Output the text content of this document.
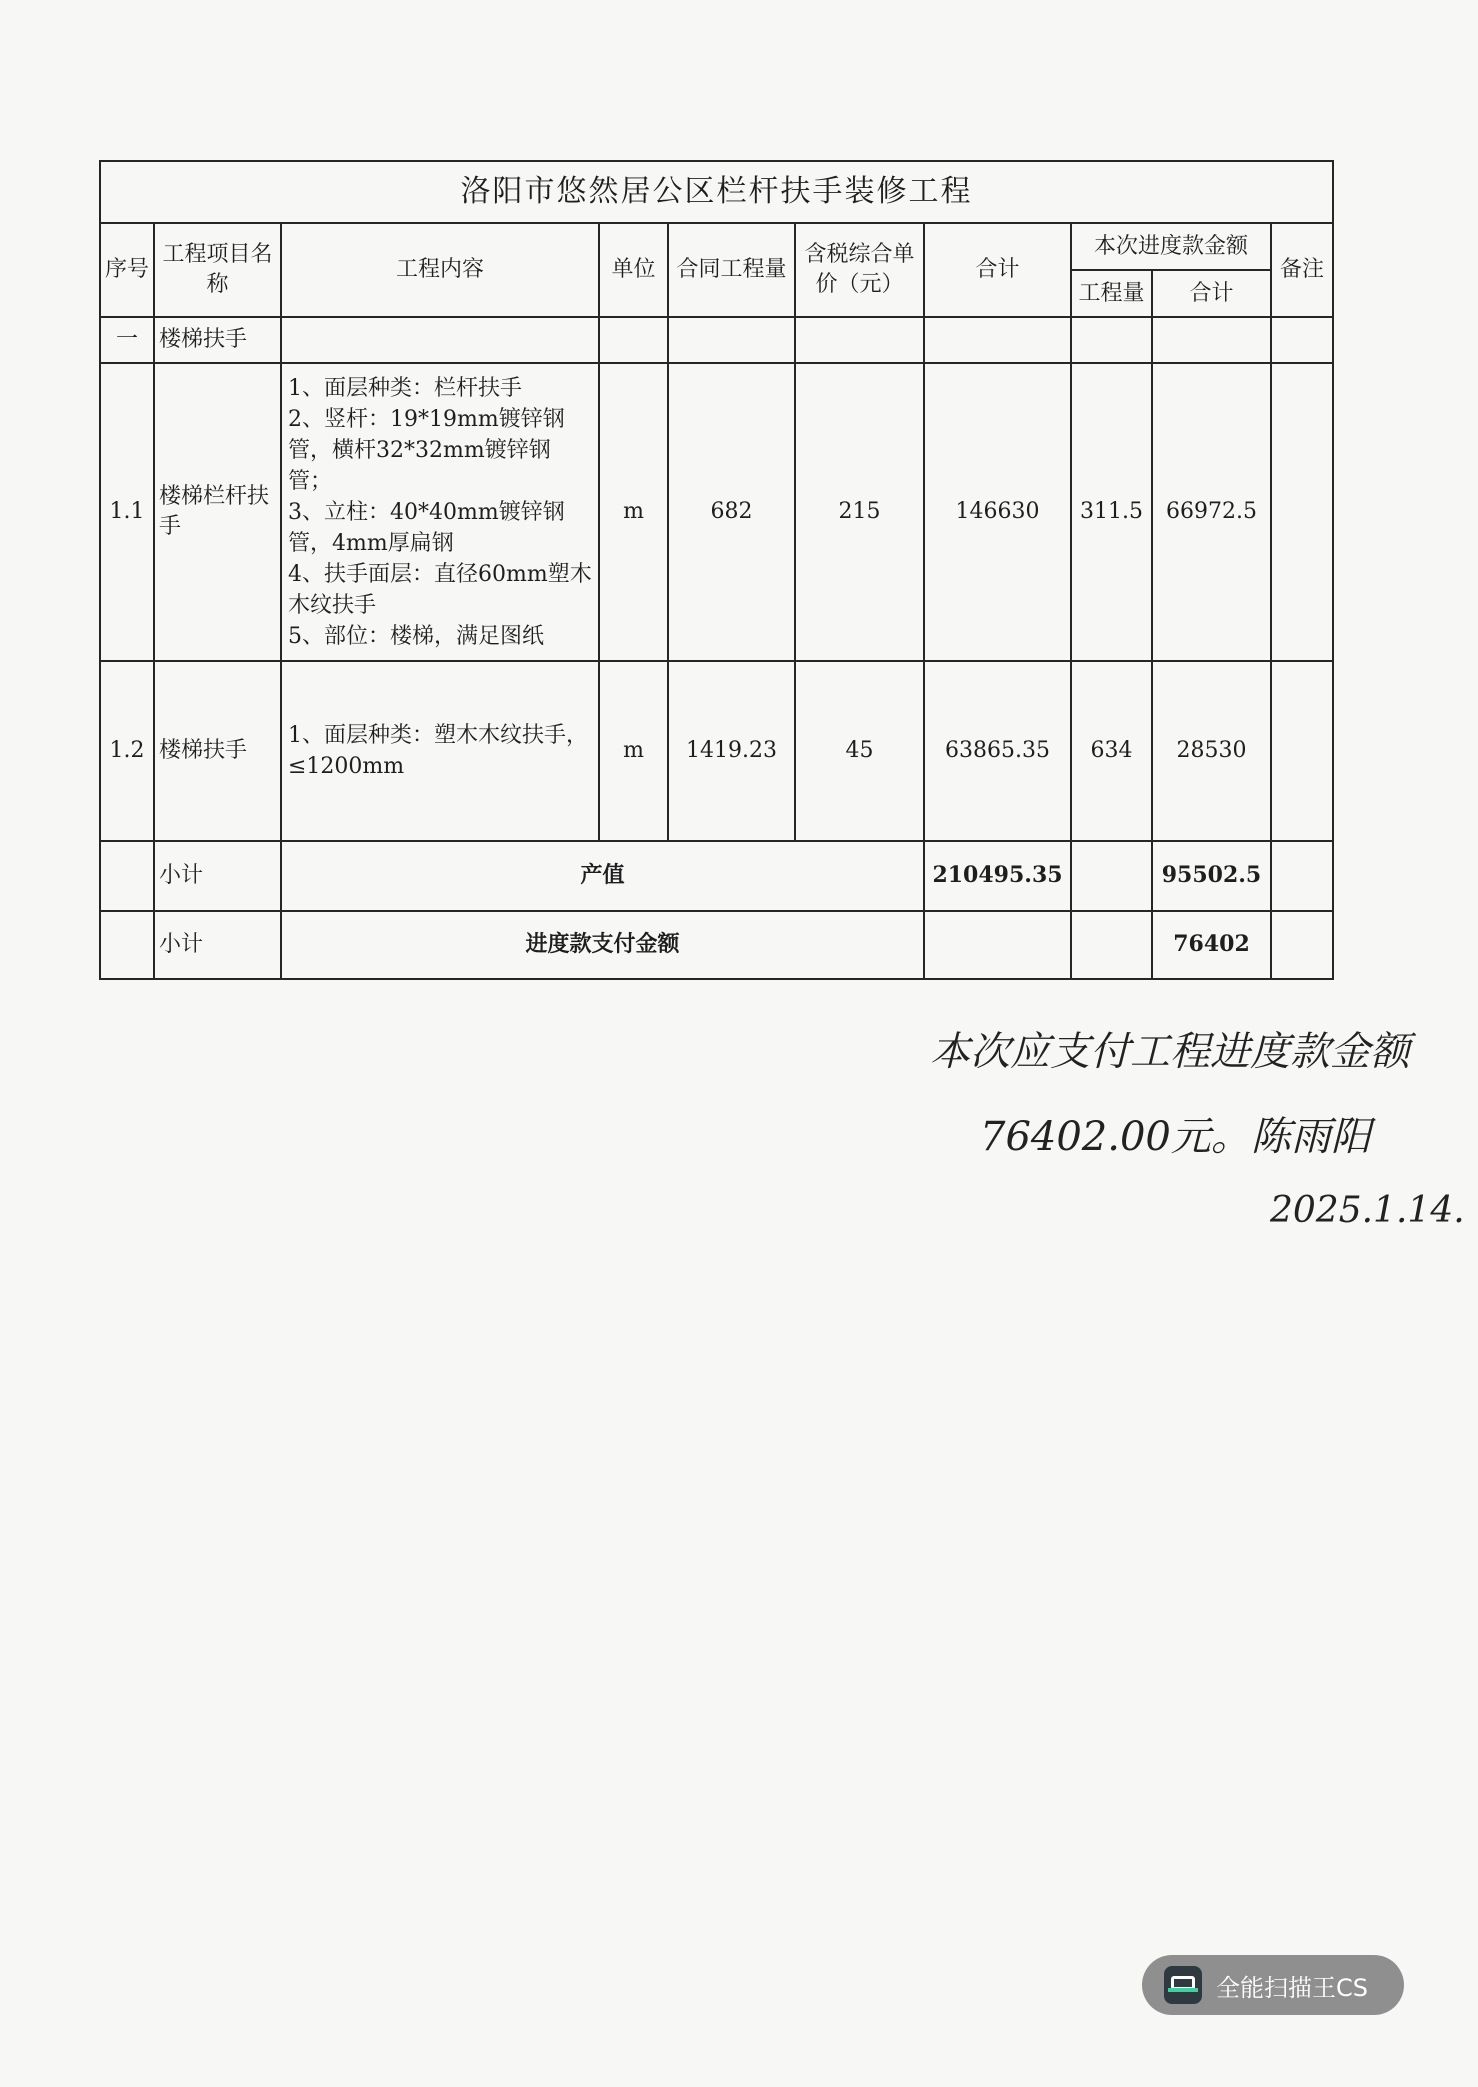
洛阳市悠然居公区栏杆扶手装修工程									
序号	工程项目名称	工程内容	单位	合同工程量	含税综合单价（元）	合计	本次进度款金额		备注
							工程量	合计	
一	楼梯扶手								
1.1	楼梯栏杆扶手	1、面层种类：栏杆扶手
2、竖杆：19*19mm镀锌钢管，横杆32*32mm镀锌钢管；
3、立柱：40*40mm镀锌钢管，4mm厚扁钢
4、扶手面层：直径60mm塑木木纹扶手
5、部位：楼梯，满足图纸	m	682	215	146630	311.5	66972.5	
1.2	楼梯扶手	1、面层种类：塑木木纹扶手，≤1200mm	m	1419.23	45	63865.35	634	28530	
	小计	产值				210495.35		95502.5	
	小计	进度款支付金额						76402	
本次应支付工程进度款金额
76402.00元。陈雨阳
2025.1.14.
全能扫描王CS
